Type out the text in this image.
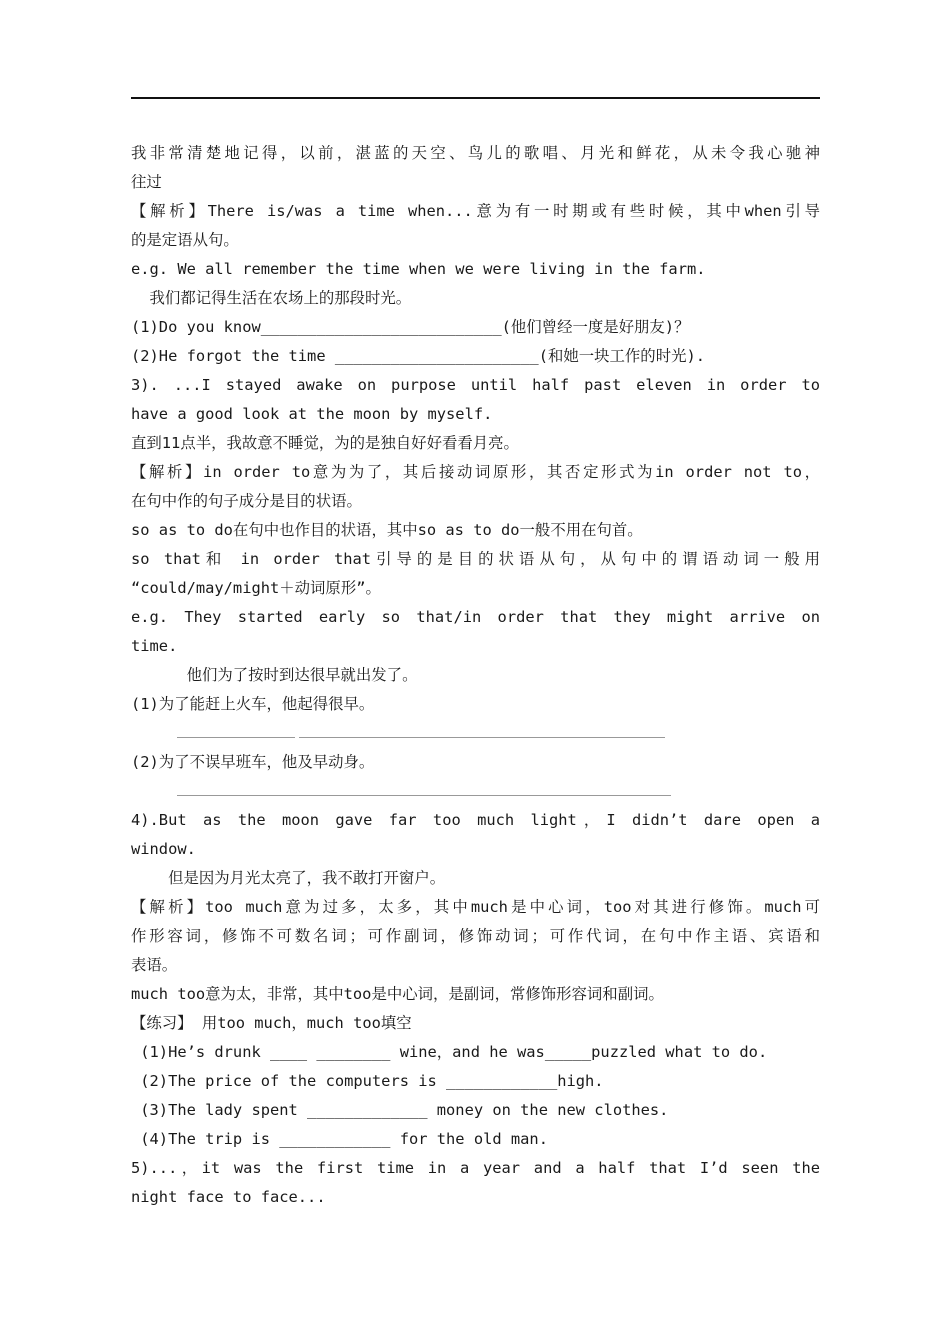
我非常清楚地记得，以前，湛蓝的天空、鸟儿的歌唱、月光和鲜花，从未令我心驰神
往过
【解析】There is/was a time when...意为有一时期或有些时候，其中when引导
的是定语从句。
e.g. We all remember the time when we were living in the farm.
我们都记得生活在农场上的那段时光。
(1)Do you know__________________________(他们曾经一度是好朋友)？
(2)He forgot the time ______________________(和她一块工作的时光).
3). ...I stayed awake on purpose until half past eleven in order to
have a good look at the moon by myself.
直到11点半，我故意不睡觉，为的是独自好好看看月亮。
【解析】in order to意为为了，其后接动词原形，其否定形式为in order not to，
在句中作的句子成分是目的状语。
so as to do在句中也作目的状语，其中so as to do一般不用在句首。
so that和 in order that引导的是目的状语从句，从句中的谓语动词一般用
“could/may/might＋动词原形”。
e.g. They started early so that/in order that they might arrive on
time.
他们为了按时到达很早就出发了。
(1)为了能赶上火车，他起得很早。

(2)为了不误早班车，他及早动身。

4).But as the moon gave far too much light，I didn’t dare open a
window.
但是因为月光太亮了，我不敢打开窗户。
【解析】too much意为过多，太多，其中much是中心词，too对其进行修饰。much可
作形容词，修饰不可数名词；可作副词，修饰动词；可作代词，在句中作主语、宾语和
表语。
much too意为太，非常，其中too是中心词，是副词，常修饰形容词和副词。
【练习】 用too much，much too填空
(1)He’s drunk ____ ________ wine，and he was_____puzzled what to do.
(2)The price of the computers is ____________high.
(3)The lady spent _____________ money on the new clothes.
(4)The trip is ____________ for the old man.
5)...，it was the first time in a year and a half that I’d seen the
night face to face...
